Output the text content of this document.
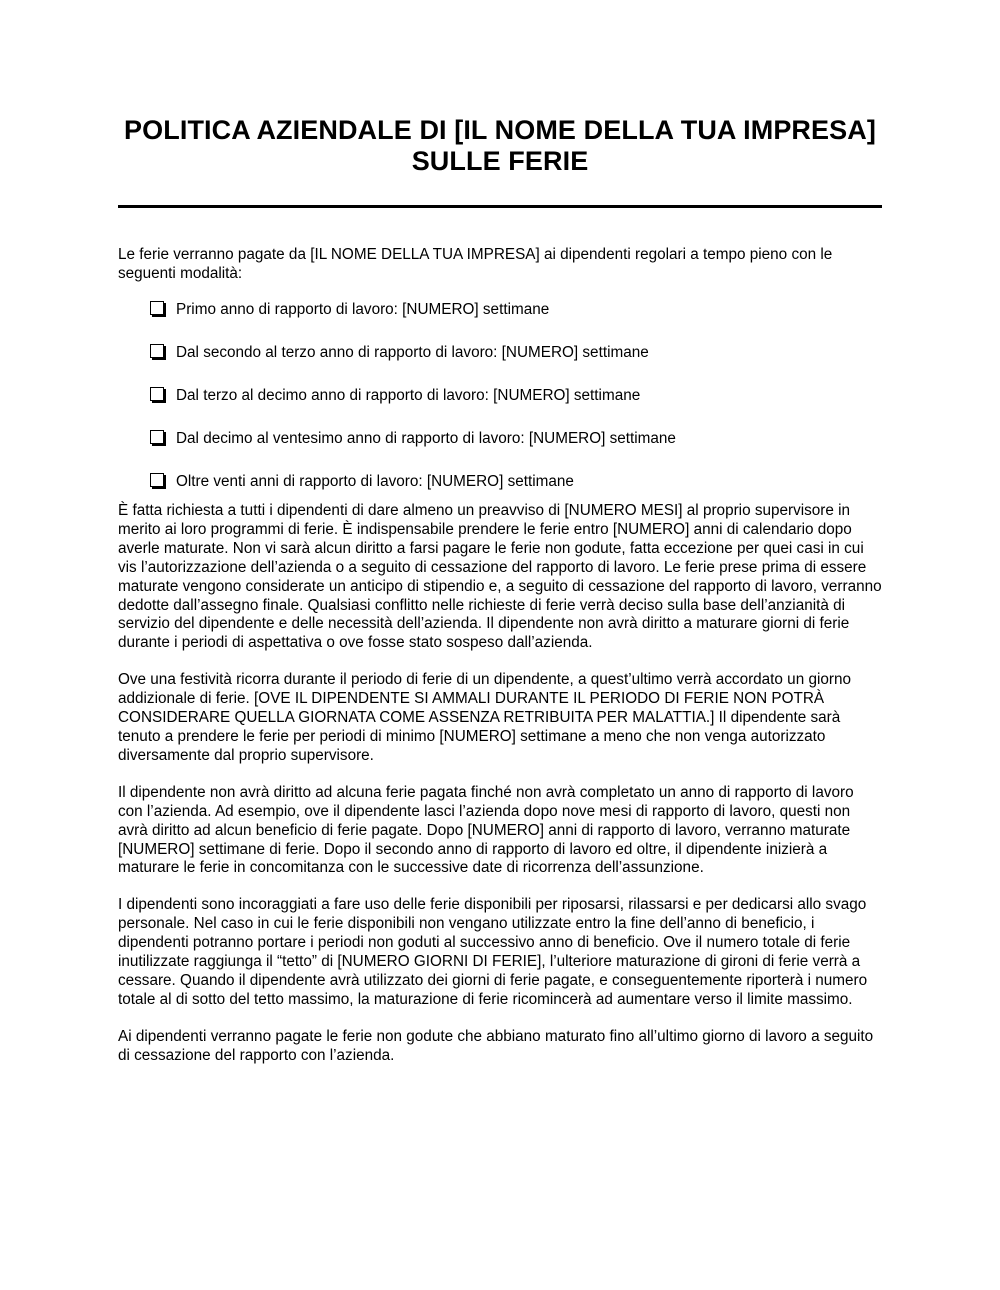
POLITICA AZIENDALE DI [IL NOME DELLA TUA IMPRESA]
SULLE FERIE

Le ferie verranno pagate da [IL NOME DELLA TUA IMPRESA] ai dipendenti regolari a tempo pieno con le seguenti modalità:

Primo anno di rapporto di lavoro: [NUMERO] settimane
Dal secondo al terzo anno di rapporto di lavoro: [NUMERO] settimane
Dal terzo al decimo anno di rapporto di lavoro: [NUMERO] settimane
Dal decimo al ventesimo anno di rapporto di lavoro: [NUMERO] settimane
Oltre venti anni di rapporto di lavoro: [NUMERO] settimane

È fatta richiesta a tutti i dipendenti di dare almeno un preavviso di [NUMERO MESI] al proprio supervisore in merito ai loro programmi di ferie. È indispensabile prendere le ferie entro [NUMERO] anni di calendario dopo averle maturate. Non vi sarà alcun diritto a farsi pagare le ferie non godute, fatta eccezione per quei casi in cui vis l’autorizzazione dell’azienda o a seguito di cessazione del rapporto di lavoro. Le ferie prese prima di essere maturate vengono considerate un anticipo di stipendio e, a seguito di cessazione del rapporto di lavoro, verranno dedotte dall’assegno finale. Qualsiasi conflitto nelle richieste di ferie verrà deciso sulla base dell’anzianità di servizio del dipendente e delle necessità dell’azienda. Il dipendente non avrà diritto a maturare giorni di ferie durante i periodi di aspettativa o ove fosse stato sospeso dall’azienda.

Ove una festività ricorra durante il periodo di ferie di un dipendente, a quest’ultimo verrà accordato un giorno addizionale di ferie. [OVE IL DIPENDENTE SI AMMALI DURANTE IL PERIODO DI FERIE NON POTRÀ CONSIDERARE QUELLA GIORNATA COME ASSENZA RETRIBUITA PER MALATTIA.] Il dipendente sarà tenuto a prendere le ferie per periodi di minimo [NUMERO] settimane a meno che non venga autorizzato diversamente dal proprio supervisore.

Il dipendente non avrà diritto ad alcuna ferie pagata finché non avrà completato un anno di rapporto di lavoro con l’azienda. Ad esempio, ove il dipendente lasci l’azienda dopo nove mesi di rapporto di lavoro, questi non avrà diritto ad alcun beneficio di ferie pagate. Dopo [NUMERO] anni di rapporto di lavoro, verranno maturate [NUMERO] settimane di ferie. Dopo il secondo anno di rapporto di lavoro ed oltre, il dipendente inizierà a maturare le ferie in concomitanza con le successive date di ricorrenza dell’assunzione.

I dipendenti sono incoraggiati a fare uso delle ferie disponibili per riposarsi, rilassarsi e per dedicarsi allo svago personale. Nel caso in cui le ferie disponibili non vengano utilizzate entro la fine dell’anno di beneficio, i dipendenti potranno portare i periodi non goduti al successivo anno di beneficio. Ove il numero totale di ferie inutilizzate raggiunga il “tetto” di [NUMERO GIORNI DI FERIE], l’ulteriore maturazione di gironi di ferie verrà a cessare. Quando il dipendente avrà utilizzato dei giorni di ferie pagate, e conseguentemente riporterà i numero totale al di sotto del tetto massimo, la maturazione di ferie ricomincerà ad aumentare verso il limite massimo.

Ai dipendenti verranno pagate le ferie non godute che abbiano maturato fino all’ultimo giorno di lavoro a seguito di cessazione del rapporto con l’azienda.
